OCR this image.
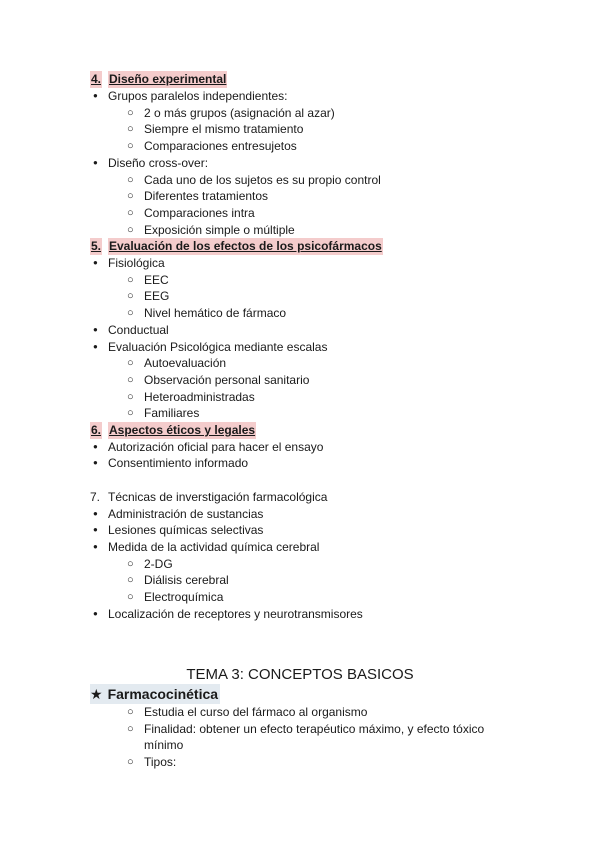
4. Diseño experimental
● Grupos paralelos independientes:
○ 2 o más grupos (asignación al azar)
○ Siempre el mismo tratamiento
○ Comparaciones entresujetos
● Diseño cross-over:
○ Cada uno de los sujetos es su propio control
○ Diferentes tratamientos
○ Comparaciones intra
○ Exposición simple o múltiple
5. Evaluación de los efectos de los psicofármacos
● Fisiológica
○ EEC
○ EEG
○ Nivel hemático de fármaco
● Conductual
● Evaluación Psicológica mediante escalas
○ Autoevaluación
○ Observación personal sanitario
○ Heteroadministradas
○ Familiares
6. Aspectos éticos y legales
● Autorización oficial para hacer el ensayo
● Consentimiento informado
7. Técnicas de inverstigación farmacológica
● Administración de sustancias
● Lesiones químicas selectivas
● Medida de la actividad química cerebral
○ 2-DG
○ Diálisis cerebral
○ Electroquímica
● Localización de receptores y neurotransmisores
TEMA 3: CONCEPTOS BASICOS
★ Farmacocinética
○ Estudia el curso del fármaco al organismo
○ Finalidad: obtener un efecto terapéutico máximo, y efecto tóxico
mínimo
○ Tipos:
